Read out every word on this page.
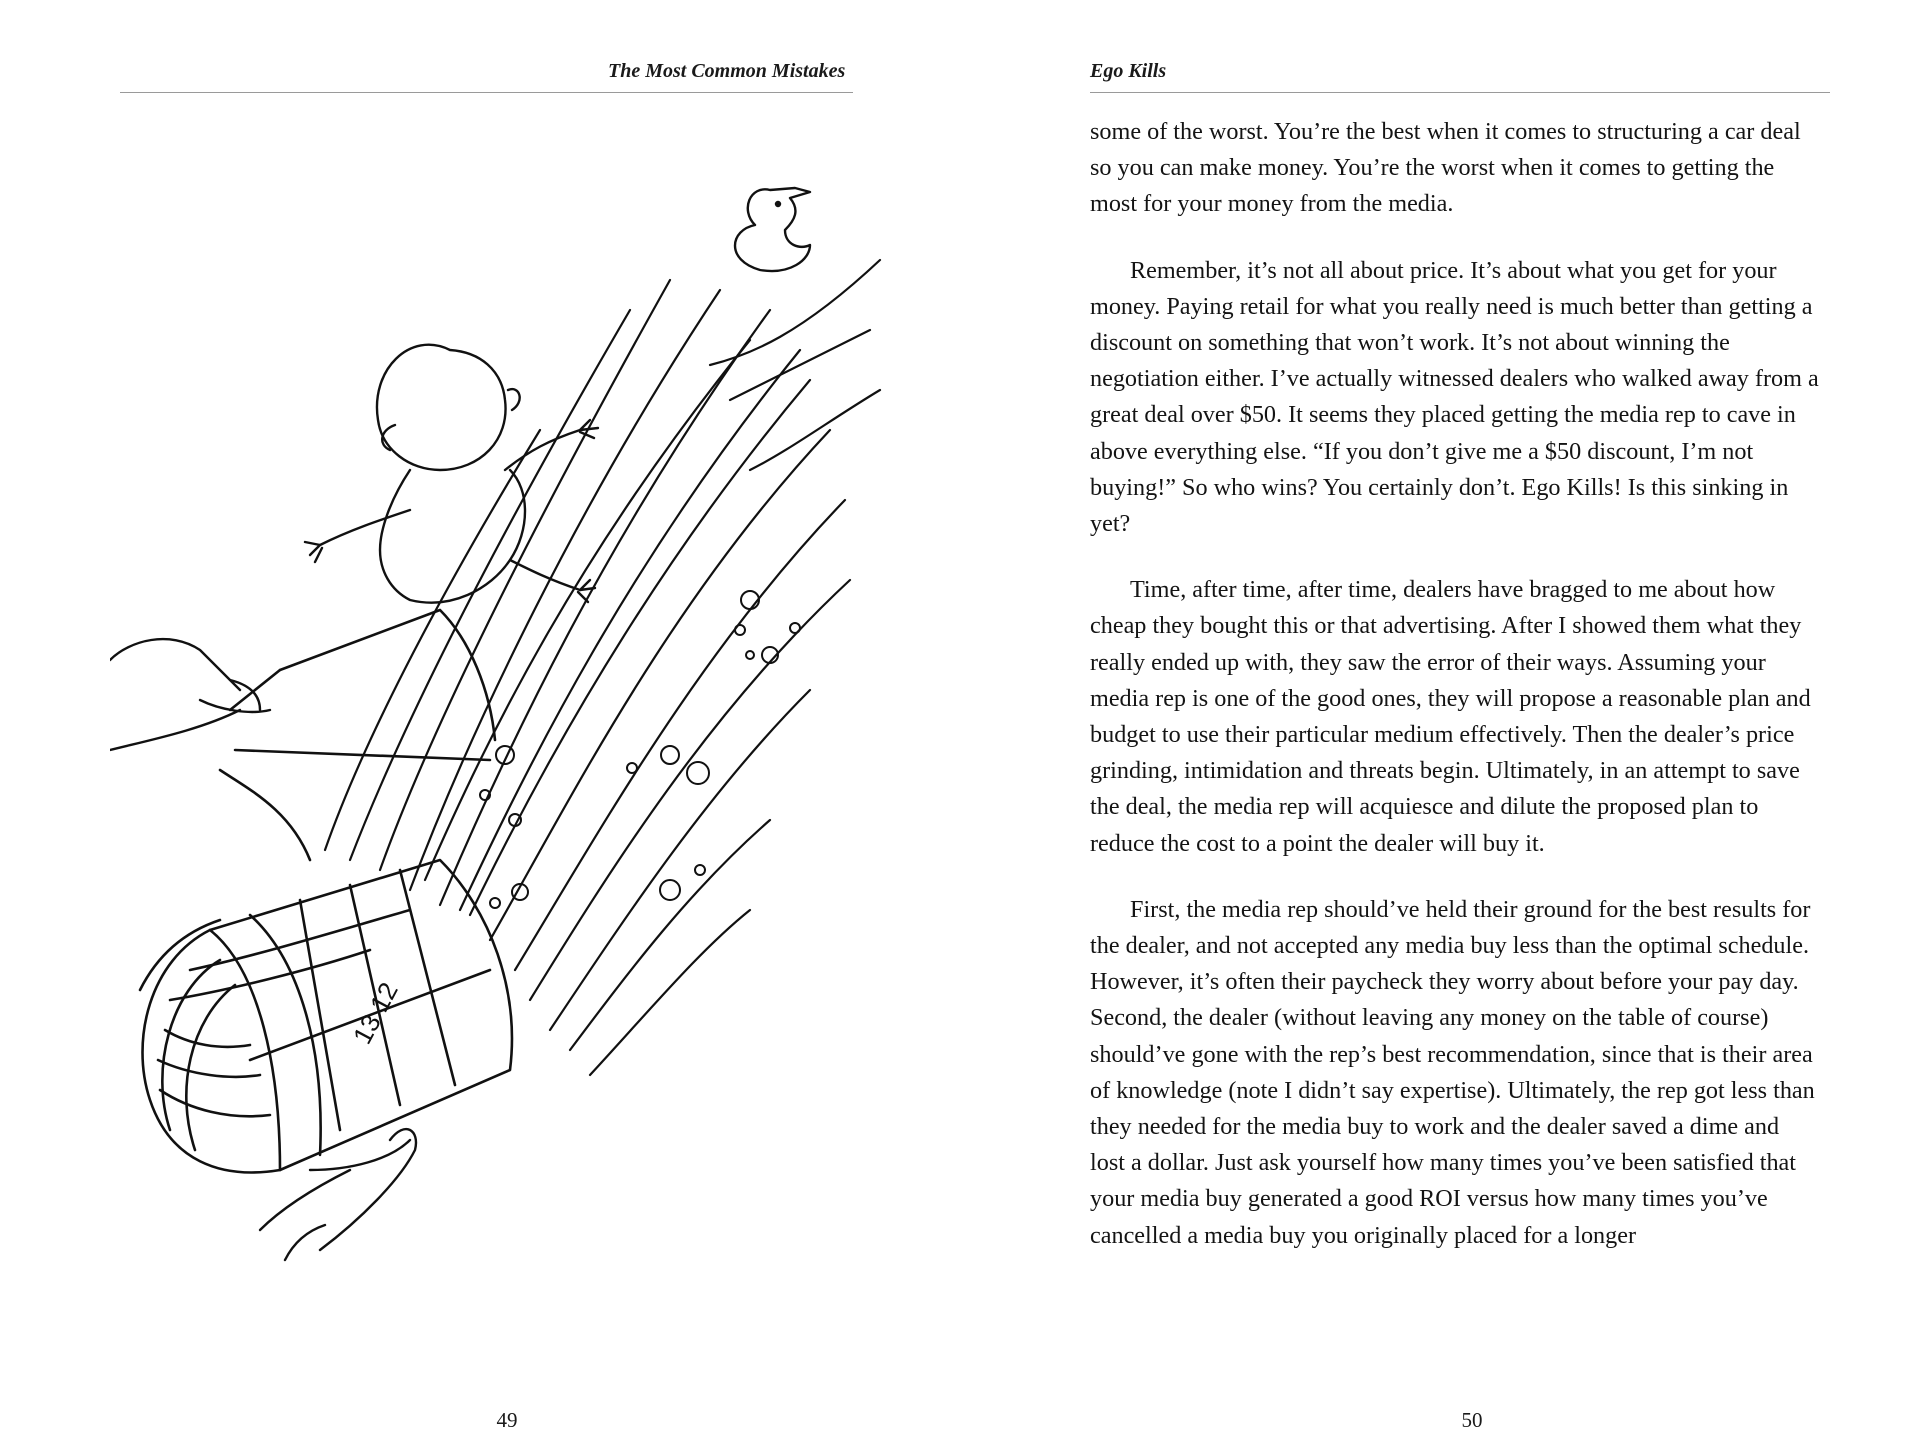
The Most Common Mistakes
13 12
49
Ego Kills
50

some of the worst. You’re the best when it comes to structuring a car deal so you can make money. You’re the worst when it comes to getting the most for your money from the media.

Remember, it’s not all about price. It’s about what you get for your money. Paying retail for what you really need is much better than getting a discount on something that won’t work. It’s not about winning the negotiation either. I’ve actually witnessed dealers who walked away from a great deal over $50. It seems they placed getting the media rep to cave in above everything else. “If you don’t give me a $50 discount, I’m not buying!” So who wins? You certainly don’t. Ego Kills! Is this sinking in yet?

Time, after time, after time, dealers have bragged to me about how cheap they bought this or that advertising. After I showed them what they really ended up with, they saw the error of their ways. Assuming your media rep is one of the good ones, they will propose a reasonable plan and budget to use their particular medium effectively. Then the dealer’s price grinding, intimidation and threats begin. Ultimately, in an attempt to save the deal, the media rep will acquiesce and dilute the proposed plan to reduce the cost to a point the dealer will buy it.

First, the media rep should’ve held their ground for the best results for the dealer, and not accepted any media buy less than the optimal schedule. However, it’s often their paycheck they worry about before your pay day. Second, the dealer (without leaving any money on the table of course) should’ve gone with the rep’s best recommendation, since that is their area of knowledge (note I didn’t say expertise). Ultimately, the rep got less than they needed for the media buy to work and the dealer saved a dime and lost a dollar. Just ask yourself how many times you’ve been satisfied that your media buy generated a good ROI versus how many times you’ve cancelled a media buy you originally placed for a longer
